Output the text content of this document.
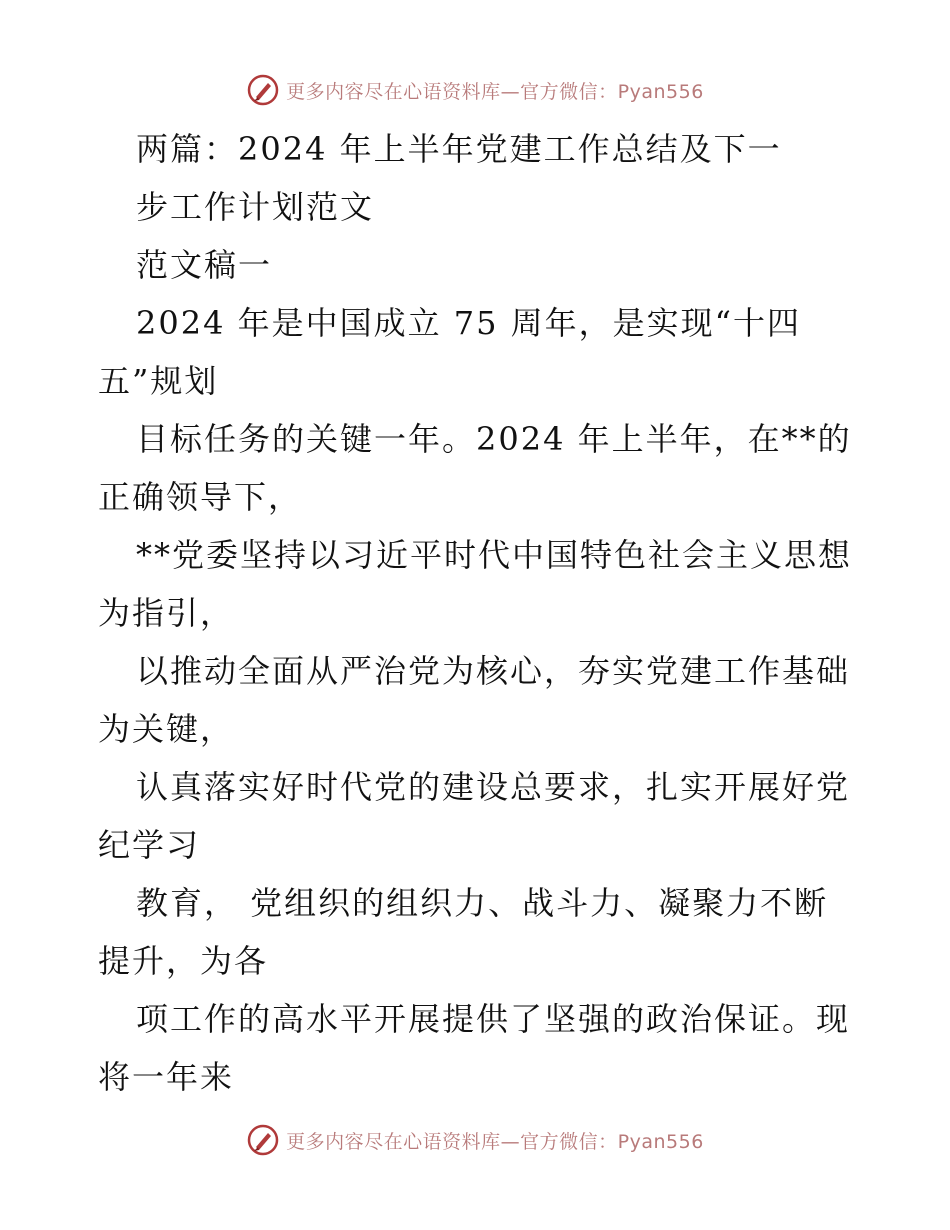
更多内容尽在心语资料库—官方微信：Pyan556
两篇：2024 年上半年党建工作总结及下一
步工作计划范文
范文稿一
2024 年是中国成立 75 周年，是实现“十四
五”规划
目标任务的关键一年。2024 年上半年，在**的
正确领导下，
**党委坚持以习近平时代中国特色社会主义思想
为指引，
以推动全面从严治党为核心，夯实党建工作基础
为关键，
认真落实好时代党的建设总要求，扎实开展好党
纪学习
教育， 党组织的组织力、战斗力、凝聚力不断
提升，为各
项工作的高水平开展提供了坚强的政治保证。现
将一年来
更多内容尽在心语资料库—官方微信：Pyan556
